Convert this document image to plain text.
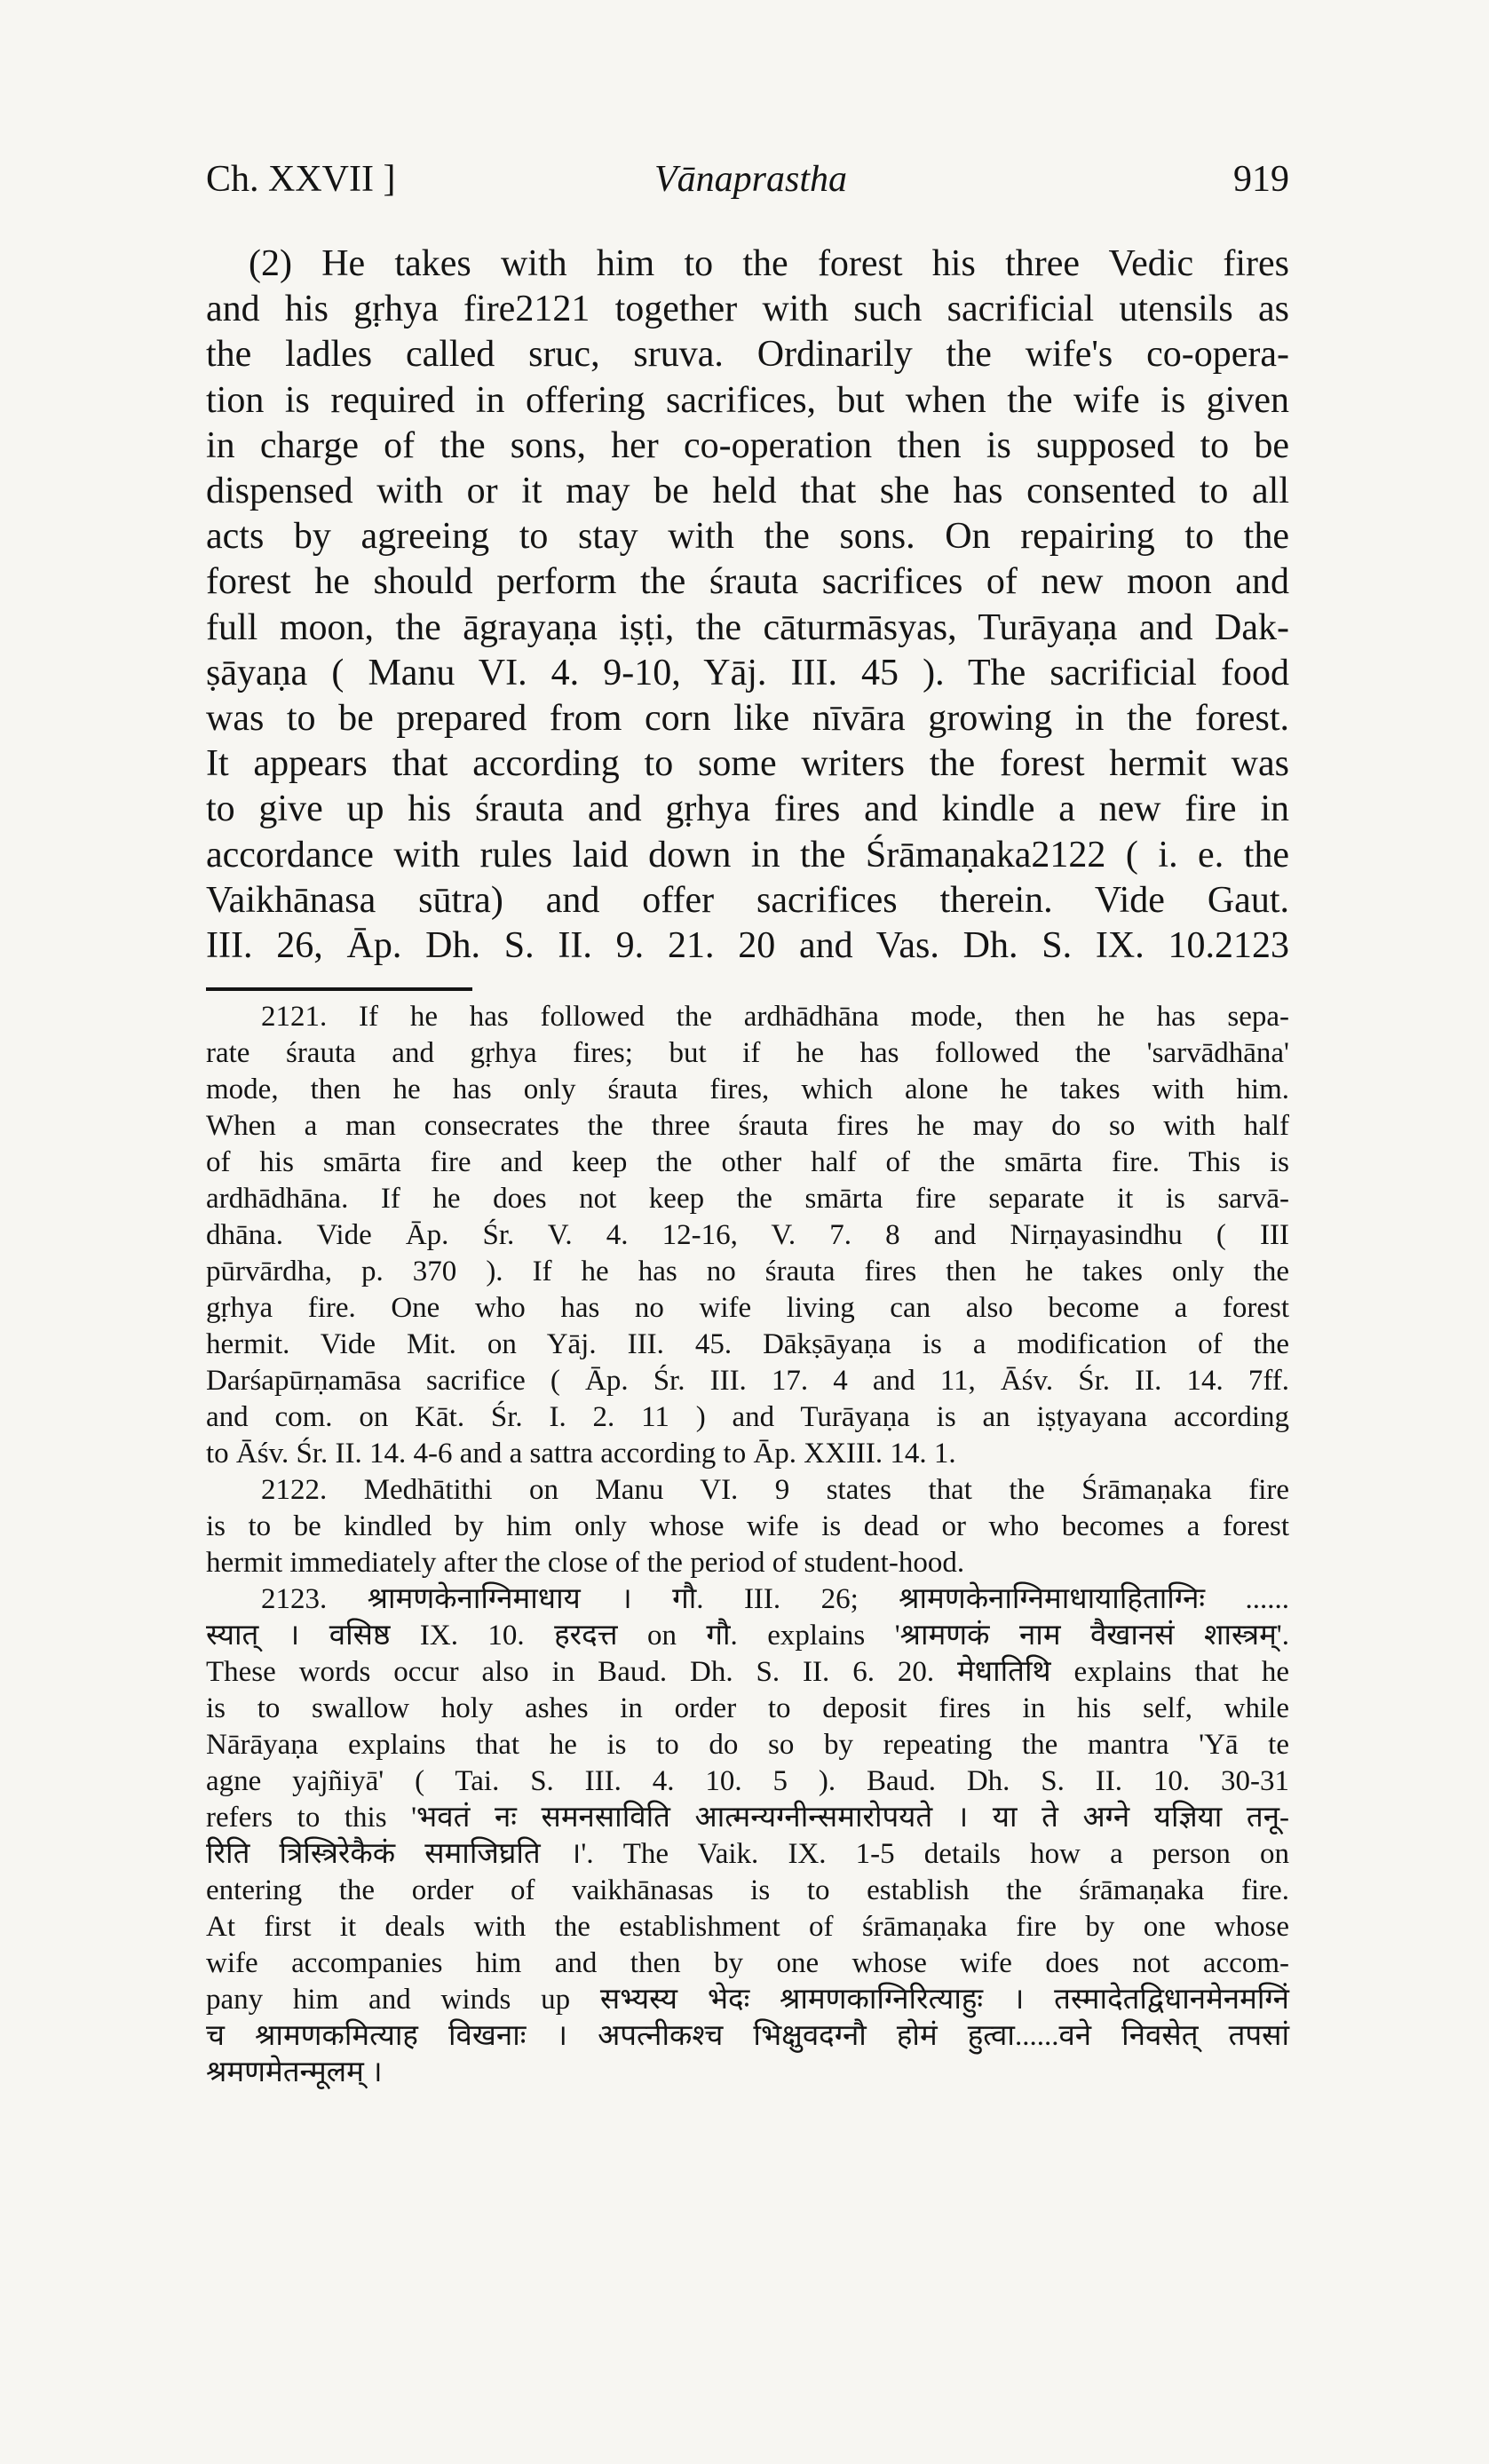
Ch. XXVII ]	Vānaprastha	919
(2) He takes with him to the forest his three Vedic fires
and his gṛhya fire2121 together with such sacrificial utensils as
the ladles called sruc, sruva. Ordinarily the wife's co-opera-
tion is required in offering sacrifices, but when the wife is given
in charge of the sons, her co-operation then is supposed to be
dispensed with or it may be held that she has consented to all
acts by agreeing to stay with the sons. On repairing to the
forest he should perform the śrauta sacrifices of new moon and
full moon, the āgrayaṇa iṣṭi, the cāturmāsyas, Turāyaṇa and Dak-
ṣāyaṇa ( Manu VI. 4. 9-10, Yāj. III. 45 ). The sacrificial food
was to be prepared from corn like nīvāra growing in the forest.
It appears that according to some writers the forest hermit was
to give up his śrauta and gṛhya fires and kindle a new fire in
accordance with rules laid down in the Śrāmaṇaka2122 ( i. e. the
Vaikhānasa sūtra) and offer sacrifices therein. Vide Gaut.
III. 26, Āp. Dh. S. II. 9. 21. 20 and Vas. Dh. S. IX. 10.2123
2121. If he has followed the ardhādhāna mode, then he has sepa-
rate śrauta and gṛhya fires; but if he has followed the 'sarvādhāna'
mode, then he has only śrauta fires, which alone he takes with him.
When a man consecrates the three śrauta fires he may do so with half
of his smārta fire and keep the other half of the smārta fire. This is
ardhādhāna. If he does not keep the smārta fire separate it is sarvā-
dhāna. Vide Āp. Śr. V. 4. 12-16, V. 7. 8 and Nirṇayasindhu ( III
pūrvārdha, p. 370 ). If he has no śrauta fires then he takes only the
gṛhya fire. One who has no wife living can also become a forest
hermit. Vide Mit. on Yāj. III. 45. Dākṣāyaṇa is a modification of the
Darśapūrṇamāsa sacrifice ( Āp. Śr. III. 17. 4 and 11, Āśv. Śr. II. 14. 7ff.
and com. on Kāt. Śr. I. 2. 11 ) and Turāyaṇa is an iṣṭyayana according
to Āśv. Śr. II. 14. 4-6 and a sattra according to Āp. XXIII. 14. 1.
2122. Medhātithi on Manu VI. 9 states that the Śrāmaṇaka fire
is to be kindled by him only whose wife is dead or who becomes a forest
hermit immediately after the close of the period of student-hood.
2123. श्रामणकेनाग्निमाधाय । गौ. III. 26; श्रामणकेनाग्निमाधायाहिताग्निः ......
स्यात् । वसिष्ठ IX. 10. हरदत्त on गौ. explains 'श्रामणकं नाम वैखानसं शास्त्रम्'.
These words occur also in Baud. Dh. S. II. 6. 20. मेधातिथि explains that he
is to swallow holy ashes in order to deposit fires in his self, while
Nārāyaṇa explains that he is to do so by repeating the mantra 'Yā te
agne yajñiyā' ( Tai. S. III. 4. 10. 5 ). Baud. Dh. S. II. 10. 30-31
refers to this 'भवतं नः समनसाविति आत्मन्यग्नीन्समारोपयते । या ते अग्ने यज्ञिया तनू-
रिति त्रिस्त्रिरेकैकं समाजिघ्रति ।'. The Vaik. IX. 1-5 details how a person on
entering the order of vaikhānasas is to establish the śrāmaṇaka fire.
At first it deals with the establishment of śrāmaṇaka fire by one whose
wife accompanies him and then by one whose wife does not accom-
pany him and winds up सभ्यस्य भेदः श्रामणकाग्निरित्याहुः । तस्मादेतद्विधानमेनमग्निं
च श्रामणकमित्याह विखनाः । अपत्नीकश्च भिक्षुवदग्नौ होमं हुत्वा......वने निवसेत् तपसां
श्रमणमेतन्मूलम् ।
